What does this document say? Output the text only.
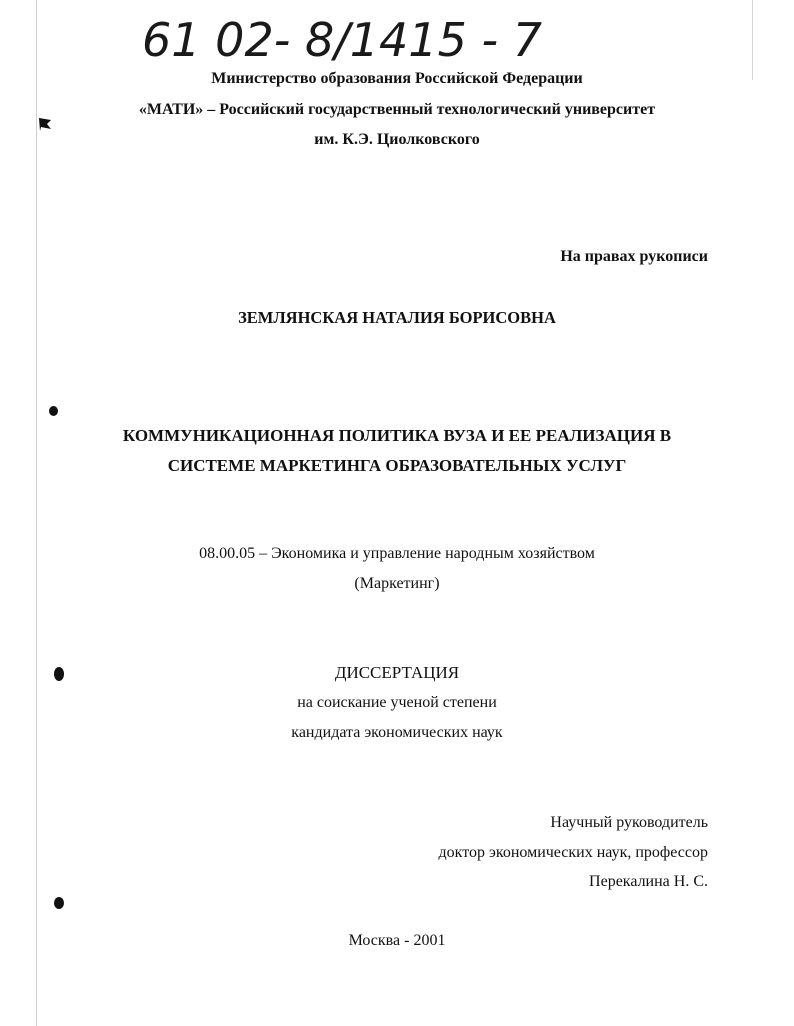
61 02- 8/1415 - 7
Министерство образования Российской Федерации
«МАТИ» – Российский государственный технологический университет
им. К.Э. Циолковского
На правах рукописи
ЗЕМЛЯНСКАЯ НАТАЛИЯ БОРИСОВНА
КОММУНИКАЦИОННАЯ ПОЛИТИКА ВУЗА И ЕЕ РЕАЛИЗАЦИЯ В
СИСТЕМЕ МАРКЕТИНГА ОБРАЗОВАТЕЛЬНЫХ УСЛУГ
08.00.05 – Экономика и управление народным хозяйством
(Маркетинг)
ДИССЕРТАЦИЯ
на соискание ученой степени
кандидата экономических наук
Научный руководитель
доктор экономических наук, профессор
Перекалина Н. С.
Москва - 2001
